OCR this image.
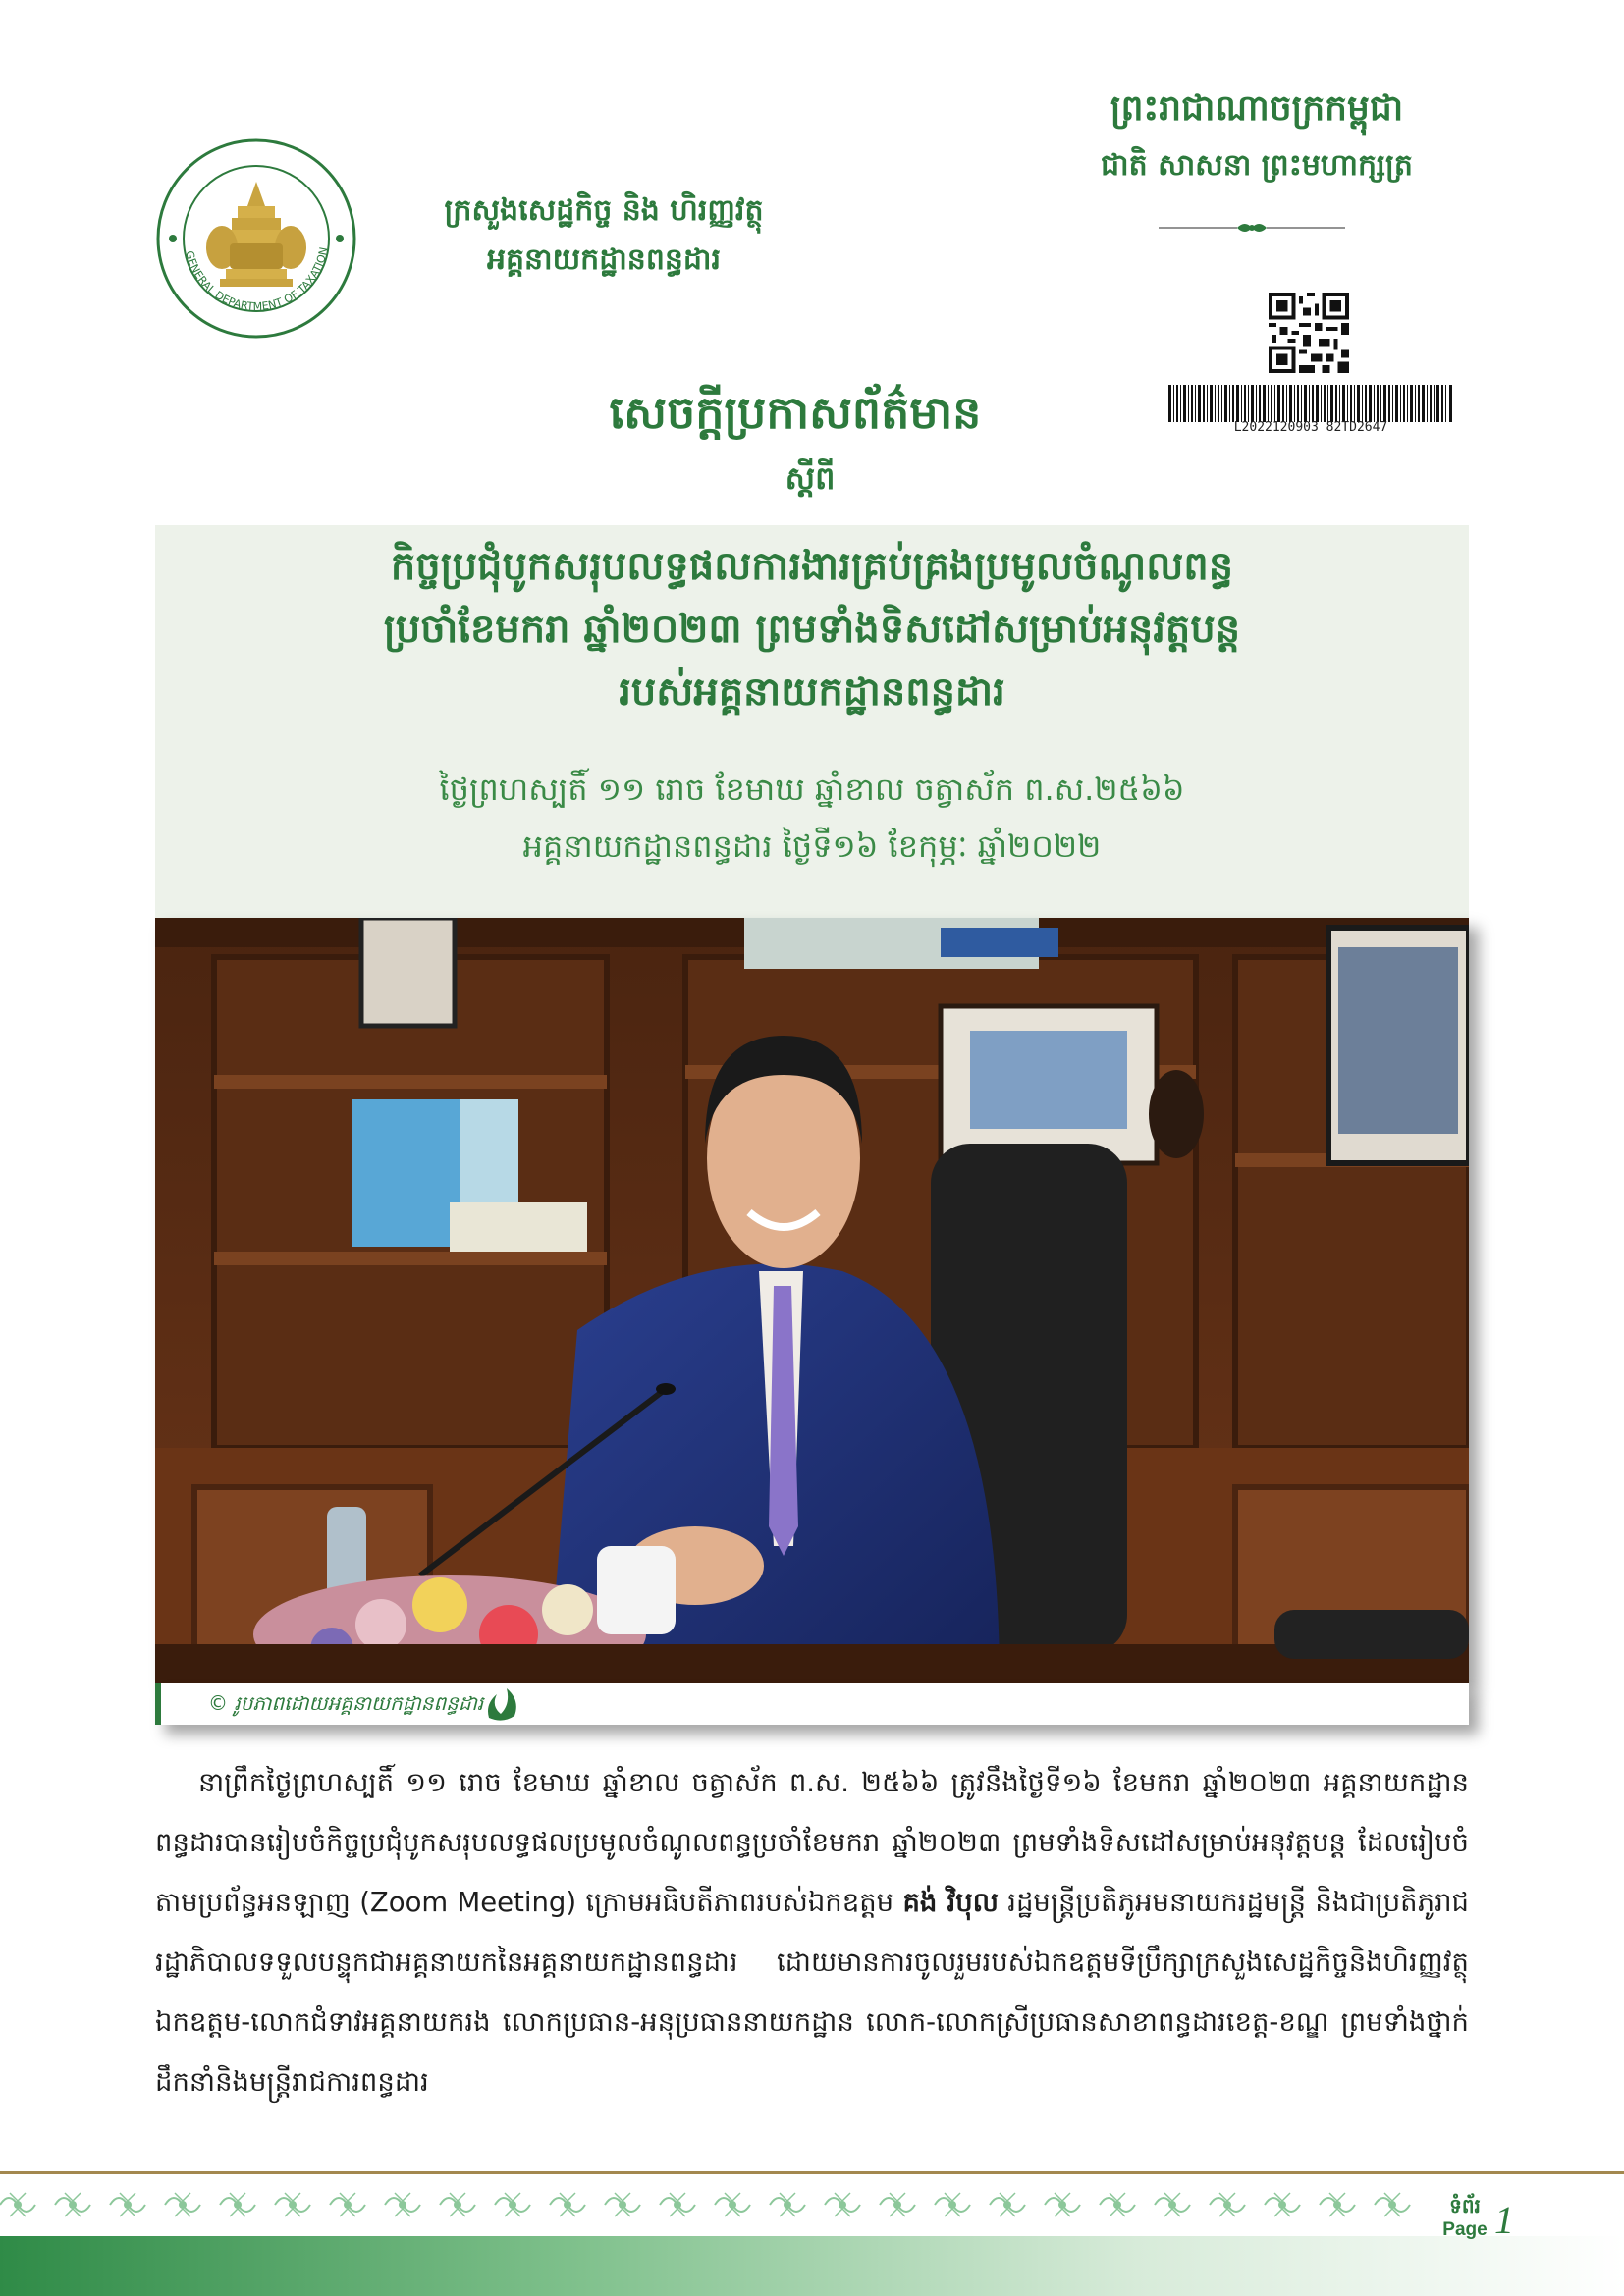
GENERAL DEPARTMENT OF TAXATION
ក្រសួងសេដ្ឋកិច្ច និង ហិរញ្ញវត្ថុ
អគ្គនាយកដ្ឋានពន្ធដារ
ព្រះរាជាណាចក្រកម្ពុជា
ជាតិ សាសនា ព្រះមហាក្សត្រ
L2022120903 82TD2647
សេចក្តីប្រកាសព័ត៌មាន
ស្តីពី
កិច្ចប្រជុំបូកសរុបលទ្ធផលការងារគ្រប់គ្រងប្រមូលចំណូលពន្ធ
ប្រចាំខែមករា ឆ្នាំ២០២៣ ព្រមទាំងទិសដៅសម្រាប់អនុវត្តបន្ត
របស់អគ្គនាយកដ្ឋានពន្ធដារ
ថ្ងៃព្រហស្បតិ៍ ១១ រោច ខែមាឃ ឆ្នាំខាល ចត្វាស័ក ព.ស.២៥៦៦
អគ្គនាយកដ្ឋានពន្ធដារ ថ្ងៃទី១៦ ខែកុម្ភៈ ឆ្នាំ២០២២
© រូបភាពដោយអគ្គនាយកដ្ឋានពន្ធដារ
នាព្រឹកថ្ងៃព្រហស្បតិ៍ ១១ រោច ខែមាឃ ឆ្នាំខាល ចត្វាស័ក ព.ស. ២៥៦៦ ត្រូវនឹងថ្ងៃទី១៦ ខែមករា ឆ្នាំ២០២៣ អគ្គនាយកដ្ឋានពន្ធដារបានរៀបចំកិច្ចប្រជុំបូកសរុបលទ្ធផលប្រមូលចំណូលពន្ធប្រចាំខែមករា ឆ្នាំ២០២៣ ព្រមទាំងទិសដៅសម្រាប់អនុវត្តបន្ត ដែលរៀបចំតាមប្រព័ន្ធអនឡាញ (Zoom Meeting) ក្រោមអធិបតីភាពរបស់ឯកឧត្តម គង់ វិបុល រដ្ឋមន្ត្រីប្រតិភូអមនាយករដ្ឋមន្ត្រី និងជាប្រតិភូរាជរដ្ឋាភិបាលទទួលបន្ទុកជាអគ្គនាយកនៃអគ្គនាយកដ្ឋានពន្ធដារ ដោយមានការចូលរួមរបស់ឯកឧត្តមទីប្រឹក្សាក្រសួងសេដ្ឋកិច្ចនិងហិរញ្ញវត្ថុ ឯកឧត្តម-លោកជំទាវអគ្គនាយករង លោកប្រធាន-អនុប្រធាននាយកដ្ឋាន លោក-លោកស្រីប្រធានសាខាពន្ធដារខេត្ត-ខណ្ឌ ព្រមទាំងថ្នាក់ដឹកនាំនិងមន្ត្រីរាជការពន្ធដារ
ទំព័រ
Page 1
